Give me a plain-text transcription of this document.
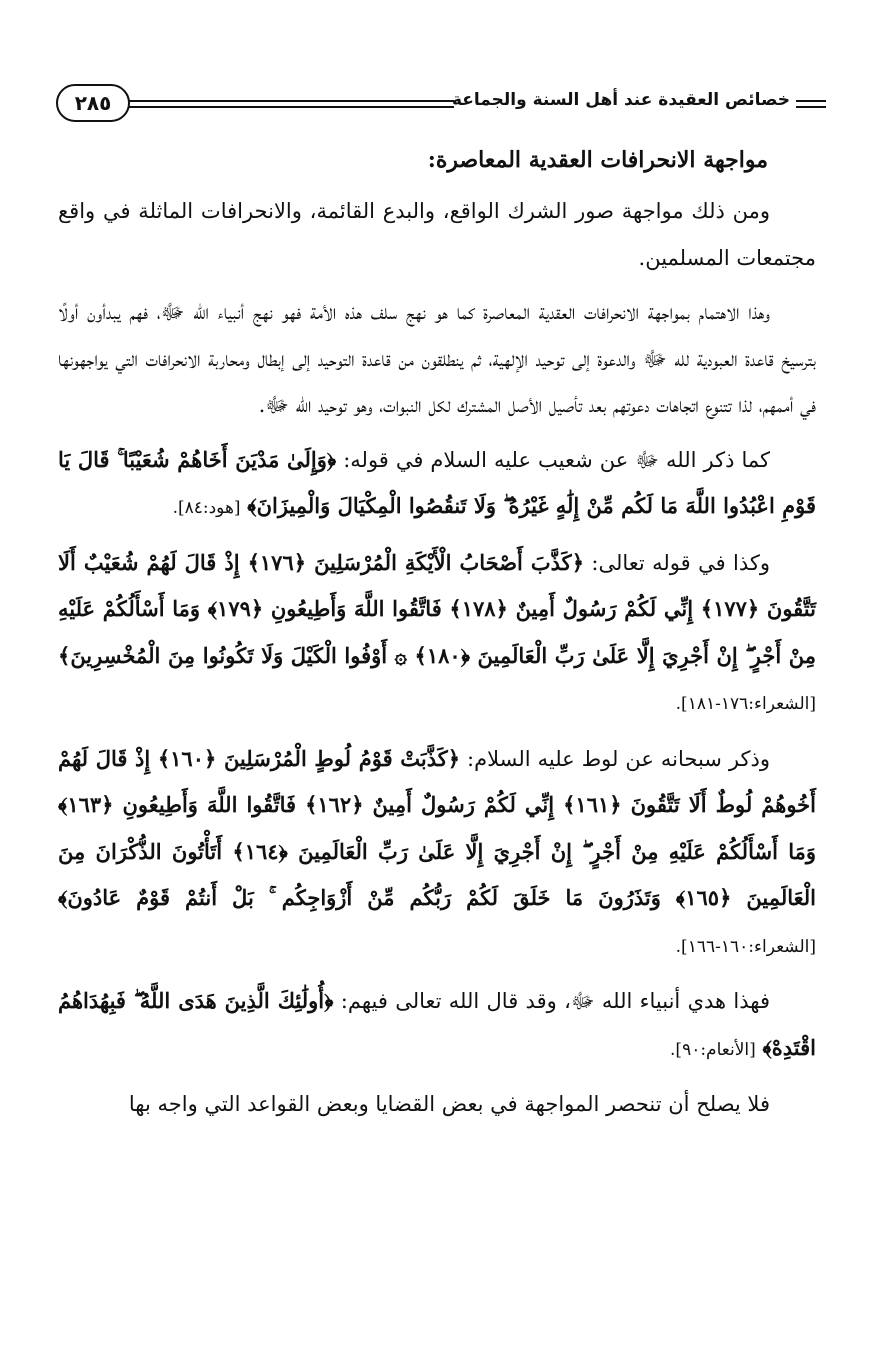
خصائص العقيدة عند أهل السنة والجماعة
٢٨٥
مواجهة الانحرافات العقدية المعاصرة:

ومن ذلك مواجهة صور الشرك الواقع، والبدع القائمة، والانحرافات الماثلة في واقع مجتمعات المسلمين.

وهذا الاهتمام بمواجهة الانحرافات العقدية المعاصرة كما هو نهج سلف هذه الأمة فهو نهج أنبياء الله ﷻ، فهم يبدأون أولًا بترسيخ قاعدة العبودية لله ﷻ والدعوة إلى توحيد الإلهية، ثم ينطلقون من قاعدة التوحيد إلى إبطال ومحاربة الانحرافات التي يواجهونها في أممهم، لذا تتنوع اتجاهات دعوتهم بعد تأصيل الأصل المشترك لكل النبوات، وهو توحيد الله ﷻ.

كما ذكر الله ﷻ عن شعيب عليه السلام في قوله: ﴿وَإِلَىٰ مَدْيَنَ أَخَاهُمْ شُعَيْبًا ۚ قَالَ يَا قَوْمِ اعْبُدُوا اللَّهَ مَا لَكُم مِّنْ إِلَٰهٍ غَيْرُهُ ۖ وَلَا تَنقُصُوا الْمِكْيَالَ وَالْمِيزَانَ﴾ [هود:٨٤].

وكذا في قوله تعالى: ﴿كَذَّبَ أَصْحَابُ الْأَيْكَةِ الْمُرْسَلِينَ ﴿١٧٦﴾ إِذْ قَالَ لَهُمْ شُعَيْبٌ أَلَا تَتَّقُونَ ﴿١٧٧﴾ إِنِّي لَكُمْ رَسُولٌ أَمِينٌ ﴿١٧٨﴾ فَاتَّقُوا اللَّهَ وَأَطِيعُونِ ﴿١٧٩﴾ وَمَا أَسْأَلُكُمْ عَلَيْهِ مِنْ أَجْرٍ ۖ إِنْ أَجْرِيَ إِلَّا عَلَىٰ رَبِّ الْعَالَمِينَ ﴿١٨٠﴾ ۞ أَوْفُوا الْكَيْلَ وَلَا تَكُونُوا مِنَ الْمُخْسِرِينَ﴾ [الشعراء:١٧٦-١٨١].

وذكر سبحانه عن لوط عليه السلام: ﴿كَذَّبَتْ قَوْمُ لُوطٍ الْمُرْسَلِينَ ﴿١٦٠﴾ إِذْ قَالَ لَهُمْ أَخُوهُمْ لُوطٌ أَلَا تَتَّقُونَ ﴿١٦١﴾ إِنِّي لَكُمْ رَسُولٌ أَمِينٌ ﴿١٦٢﴾ فَاتَّقُوا اللَّهَ وَأَطِيعُونِ ﴿١٦٣﴾ وَمَا أَسْأَلُكُمْ عَلَيْهِ مِنْ أَجْرٍ ۖ إِنْ أَجْرِيَ إِلَّا عَلَىٰ رَبِّ الْعَالَمِينَ ﴿١٦٤﴾ أَتَأْتُونَ الذُّكْرَانَ مِنَ الْعَالَمِينَ ﴿١٦٥﴾ وَتَذَرُونَ مَا خَلَقَ لَكُمْ رَبُّكُم مِّنْ أَزْوَاجِكُم ۚ بَلْ أَنتُمْ قَوْمٌ عَادُونَ﴾ [الشعراء:١٦٠-١٦٦].

فهذا هدي أنبياء الله ﷻ، وقد قال الله تعالى فيهم: ﴿أُولَٰئِكَ الَّذِينَ هَدَى اللَّهُ ۖ فَبِهُدَاهُمُ اقْتَدِهْ﴾ [الأنعام:٩٠].

فلا يصلح أن تنحصر المواجهة في بعض القضايا وبعض القواعد التي واجه بها
